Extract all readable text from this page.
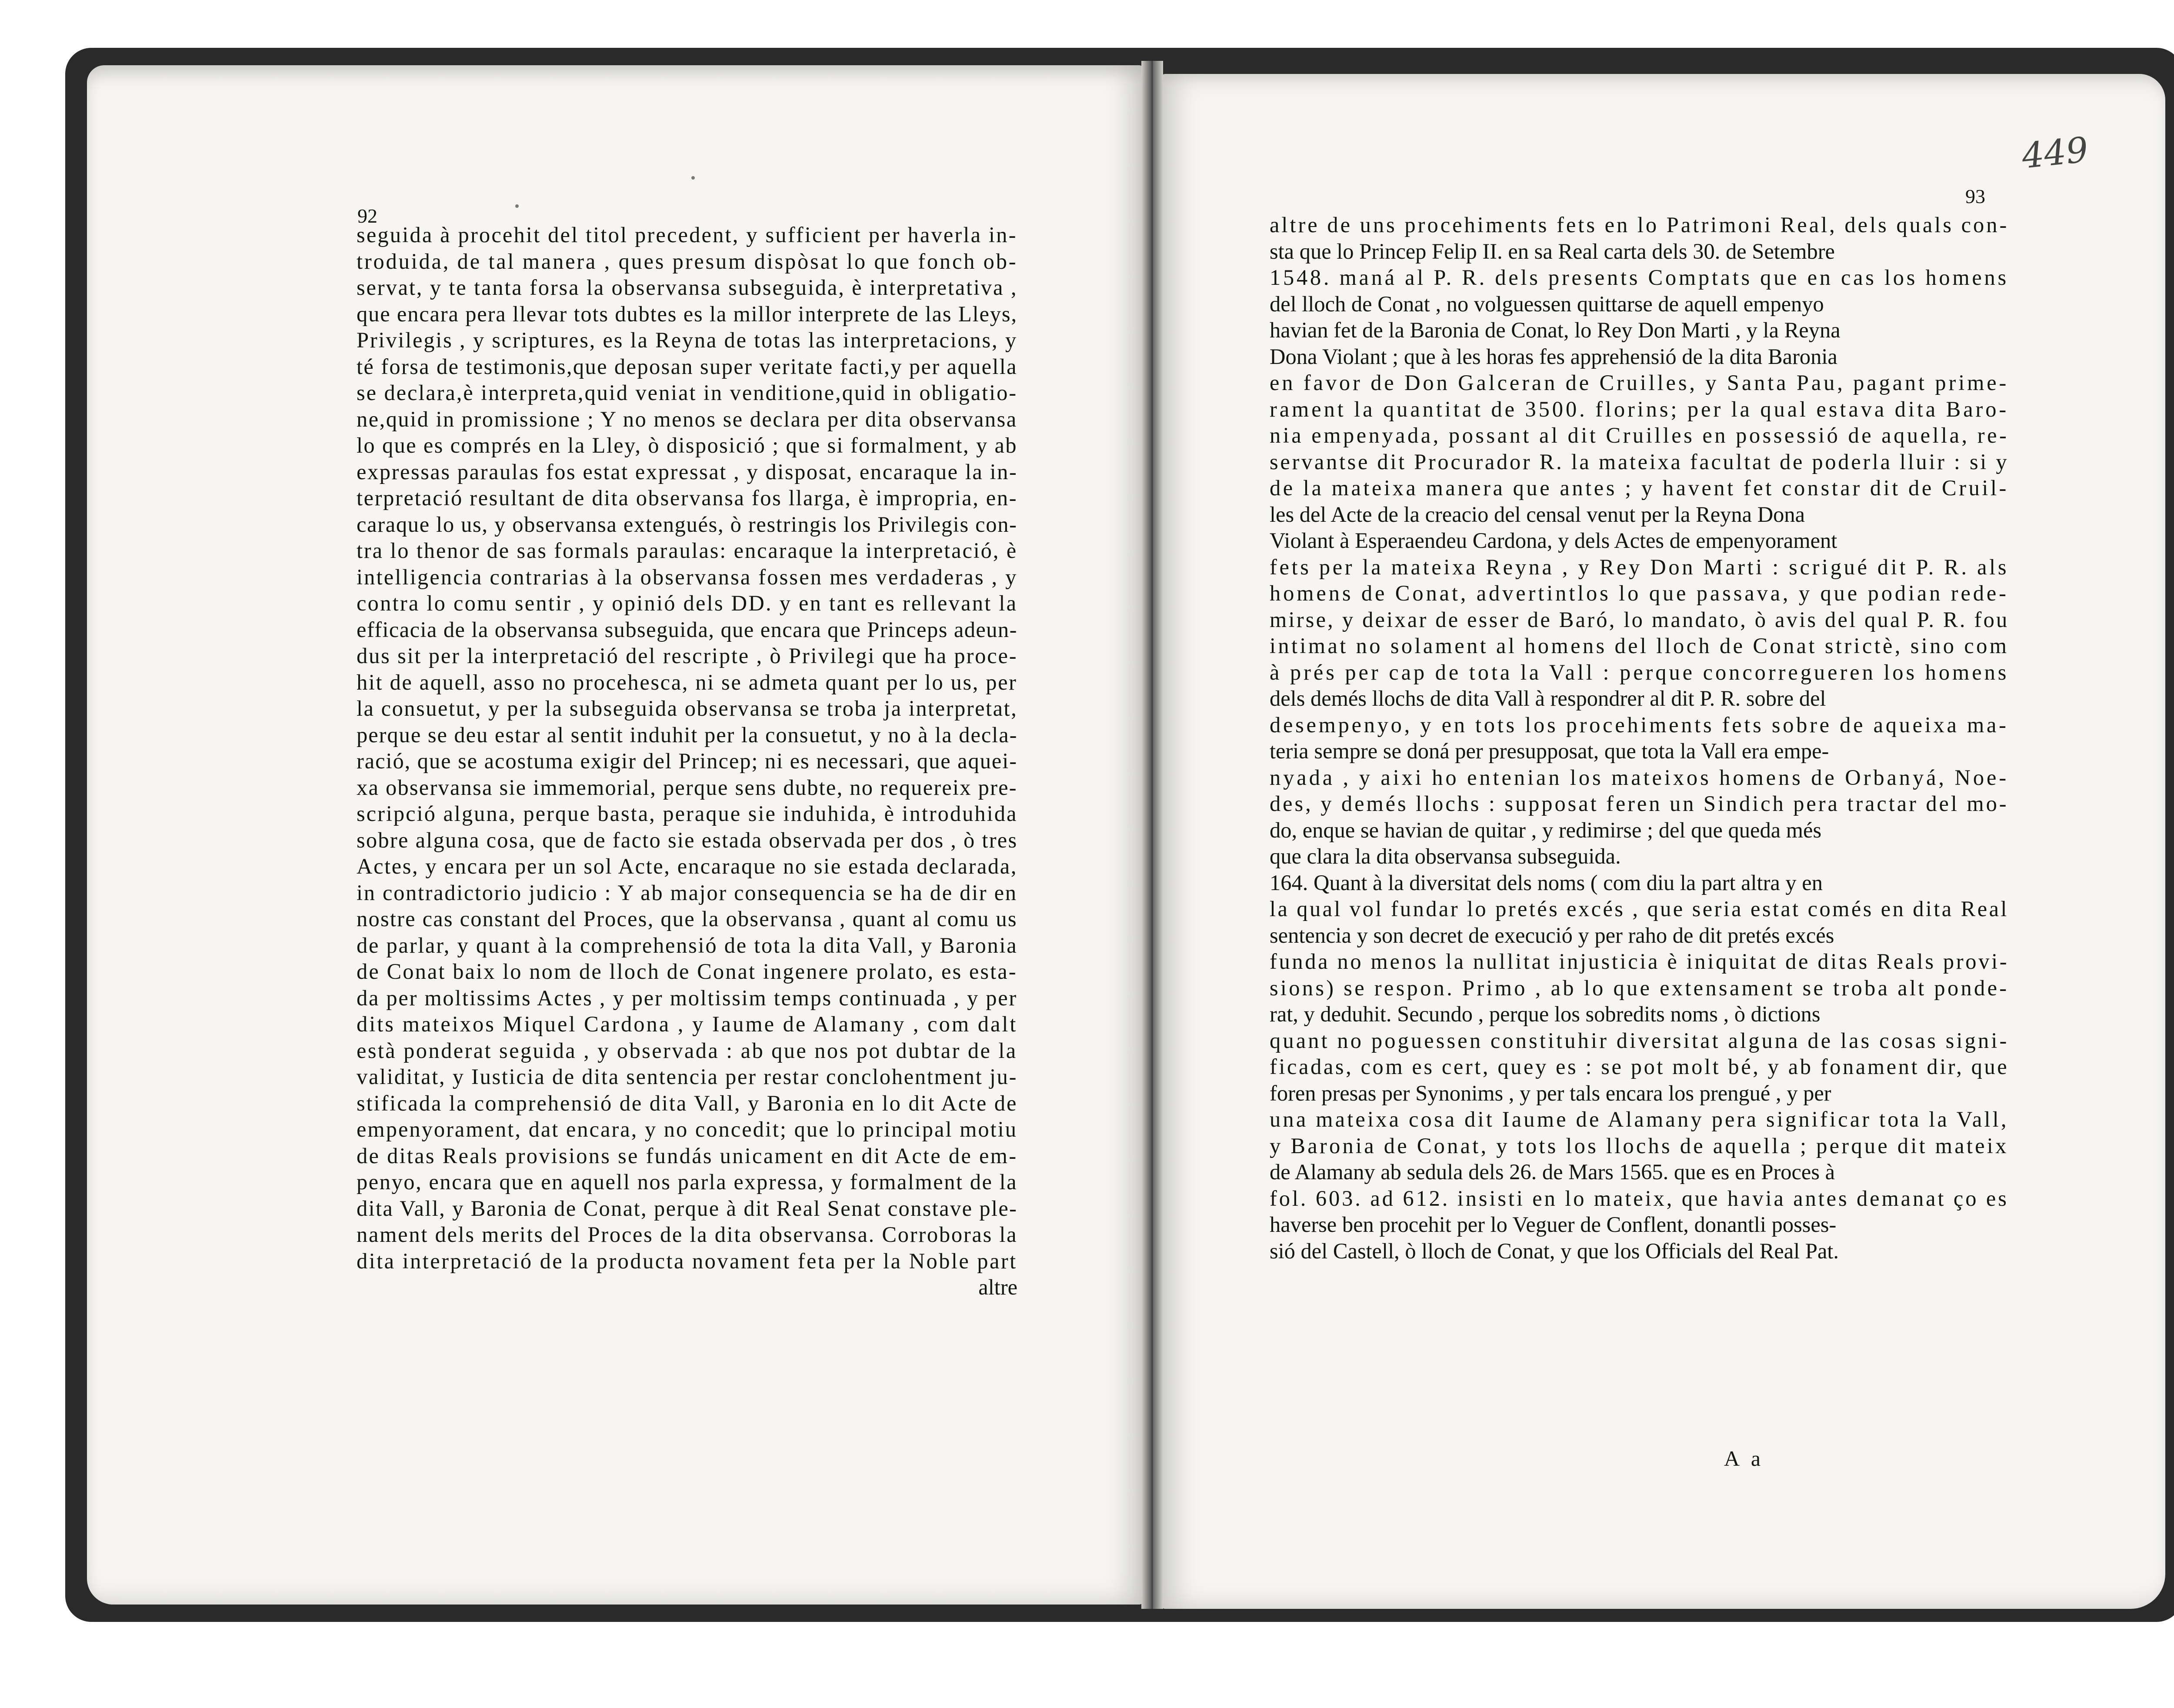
92
93
449
seguida à procehit del titol precedent, y sufficient per haverla in-
troduida, de tal manera , ques presum dispòsat lo que fonch ob-
servat, y te tanta forsa la observansa subseguida, è interpretativa ,
que encara pera llevar tots dubtes es la millor interprete de las Lleys,
Privilegis , y scriptures, es la Reyna de totas las interpretacions, y
té forsa de testimonis,que deposan super veritate facti,y per aquella
se declara,è interpreta,quid veniat in venditione,quid in obligatio-
ne,quid in promissione ; Y no menos se declara per dita observansa
lo que es comprés en la Lley, ò disposició ; que si formalment, y ab
expressas paraulas fos estat expressat , y disposat, encaraque la in-
terpretació resultant de dita observansa fos llarga, è impropria, en-
caraque lo us, y observansa extengués, ò restringis los Privilegis con-
tra lo thenor de sas formals paraulas: encaraque la interpretació, è
intelligencia contrarias à la observansa fossen mes verdaderas , y
contra lo comu sentir , y opinió dels DD. y en tant es rellevant la
efficacia de la observansa subseguida, que encara que Princeps adeun-
dus sit per la interpretació del rescripte , ò Privilegi que ha proce-
hit de aquell, asso no procehesca, ni se admeta quant per lo us, per
la consuetut, y per la subseguida observansa se troba ja interpretat,
perque se deu estar al sentit induhit per la consuetut, y no à la decla-
ració, que se acostuma exigir del Princep; ni es necessari, que aquei-
xa observansa sie immemorial, perque sens dubte, no requereix pre-
scripció alguna, perque basta, peraque sie induhida, è introduhida
sobre alguna cosa, que de facto sie estada observada per dos , ò tres
Actes, y encara per un sol Acte, encaraque no sie estada declarada,
in contradictorio judicio : Y ab major consequencia se ha de dir en
nostre cas constant del Proces, que la observansa , quant al comu us
de parlar, y quant à la comprehensió de tota la dita Vall, y Baronia
de Conat baix lo nom de lloch de Conat ingenere prolato, es esta-
da per moltissims Actes , y per moltissim temps continuada , y per
dits mateixos Miquel Cardona , y Iaume de Alamany , com dalt
està ponderat seguida , y observada : ab que nos pot dubtar de la
validitat, y Iusticia de dita sentencia per restar conclohentment ju-
stificada la comprehensió de dita Vall, y Baronia en lo dit Acte de
empenyorament, dat encara, y no concedit; que lo principal motiu
de ditas Reals provisions se fundás unicament en dit Acte de em-
penyo, encara que en aquell nos parla expressa, y formalment de la
dita Vall, y Baronia de Conat, perque à dit Real Senat constave ple-
nament dels merits del Proces de la dita observansa. Corroboras la
dita interpretació de la producta novament feta per la Noble part
altre
altre de uns procehiments fets en lo Patrimoni Real, dels quals con-
sta que lo Princep Felip II. en sa Real carta dels 30. de Setembre
1548. maná al P. R. dels presents Comptats que en cas los homens
del lloch de Conat , no volguessen quittarse de aquell empenyo
havian fet de la Baronia de Conat, lo Rey Don Marti , y la Reyna
Dona Violant ; que à les horas fes apprehensió de la dita Baronia
en favor de Don Galceran de Cruilles, y Santa Pau, pagant prime-
rament la quantitat de 3500. florins; per la qual estava dita Baro-
nia empenyada, possant al dit Cruilles en possessió de aquella, re-
servantse dit Procurador R. la mateixa facultat de poderla lluir : si y
de la mateixa manera que antes ; y havent fet constar dit de Cruil-
les del Acte de la creacio del censal venut per la Reyna Dona
Violant à Esperaendeu Cardona, y dels Actes de empenyorament
fets per la mateixa Reyna , y Rey Don Marti : scrigué dit P. R. als
homens de Conat, advertintlos lo que passava, y que podian rede-
mirse, y deixar de esser de Baró, lo mandato, ò avis del qual P. R. fou
intimat no solament al homens del lloch de Conat strictè, sino com
à prés per cap de tota la Vall : perque concorregueren los homens
dels demés llochs de dita Vall à respondrer al dit P. R. sobre del
desempenyo, y en tots los procehiments fets sobre de aqueixa ma-
teria sempre se doná per presupposat, que tota la Vall era empe-
nyada , y aixi ho entenian los mateixos homens de Orbanyá, Noe-
des, y demés llochs : supposat feren un Sindich pera tractar del mo-
do, enque se havian de quitar , y redimirse ; del que queda més
que clara la dita observansa subseguida.
164. Quant à la diversitat dels noms ( com diu la part altra y en
la qual vol fundar lo pretés excés , que seria estat comés en dita Real
sentencia y son decret de execució y per raho de dit pretés excés
funda no menos la nullitat injusticia è iniquitat de ditas Reals provi-
sions) se respon. Primo , ab lo que extensament se troba alt ponde-
rat, y deduhit. Secundo , perque los sobredits noms , ò dictions
quant no poguessen constituhir diversitat alguna de las cosas signi-
ficadas, com es cert, quey es : se pot molt bé, y ab fonament dir, que
foren presas per Synonims , y per tals encara los prengué , y per
una mateixa cosa dit Iaume de Alamany pera significar tota la Vall,
y Baronia de Conat, y tots los llochs de aquella ; perque dit mateix
de Alamany ab sedula dels 26. de Mars 1565. que es en Proces à
fol. 603. ad 612. insisti en lo mateix, que havia antes demanat ço es
haverse ben procehit per lo Veguer de Conflent, donantli posses-
sió del Castell, ò lloch de Conat, y que los Officials del Real Pat.
A a
